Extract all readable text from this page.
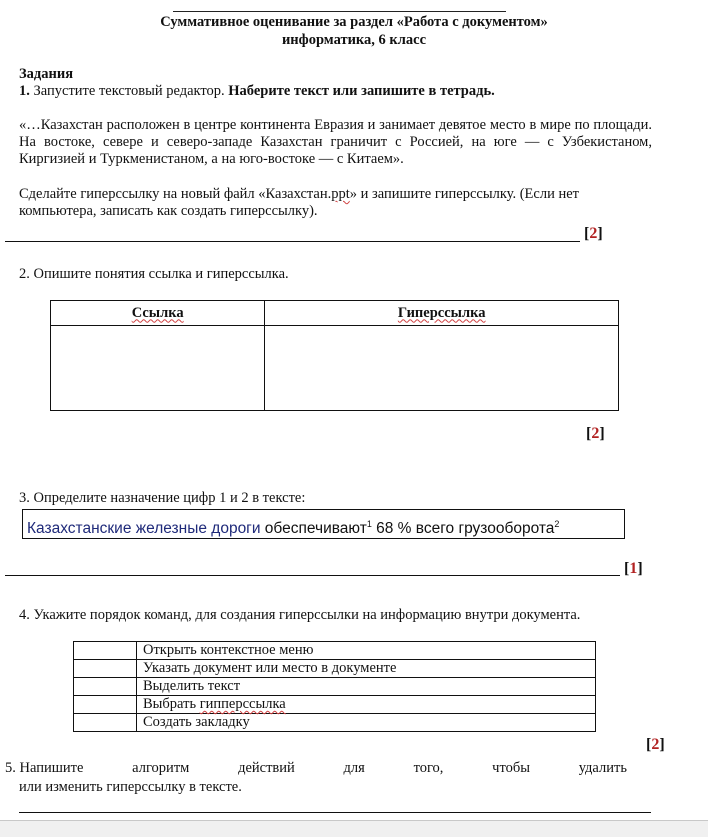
Суммативное оценивание за раздел «Работа с документом»
информатика, 6 класс
Задания
1. Запустите текстовый редактор. Наберите текст или запишите в тетрадь.
«…Казахстан расположен в центре континента Евразия и занимает девятое место в мире по площади. На востоке, севере и северо-западе Казахстан граничит с Россией, на юге — с Узбекистаном, Киргизией и Туркменистаном, а на юго-востоке — с Китаем».
Сделайте гиперссылку на новый файл «Казахстан.ppt» и запишите гиперссылку. (Если нет компьютера, записать как создать гиперссылку).
[2]
2. Опишите понятия ссылка и гиперссылка.
Ссылка	Гиперссылка

[2]
3. Определите назначение цифр 1 и 2 в тексте:
Казахстанские железные дороги обеспечивают$^1$ 68 % всего грузооборота$^2$
[1]
4. Укажите порядок команд, для создания гиперссылки на информацию внутри документа.
	Открыть контекстное меню
	Указать документ или место в документе
	Выделить текст
	Выбрать гипперссылка
	Создать закладку
[2]
5. Напишите	алгоритм	действий	для	того,	чтобы	удалить
или изменить гиперссылку в тексте.
